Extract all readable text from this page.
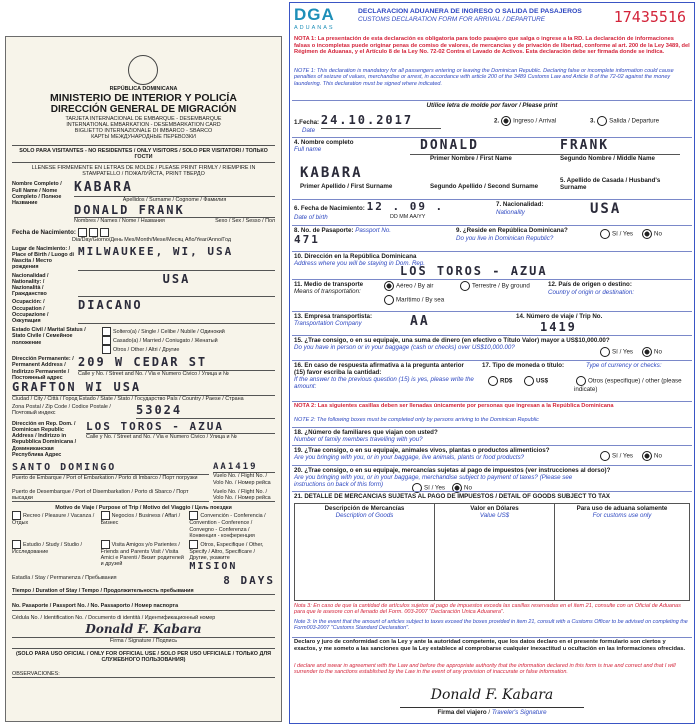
REPÚBLICA DOMINICANA
MINISTERIO DE INTERIOR Y POLICÍA
DIRECCIÓN GENERAL DE MIGRACIÓN
TARJETA INTERNACIONAL DE EMBARQUE - DESEMBARQUE
INTERNATIONAL EMBARKATION - DESEMBARKATION CARD
BIGLIETTO INTERNAZIONALE DI IMBARCO - SBARCO
КАРТЫ МЕЖДУНАРОДНЫЕ ПЕРЕВОЗКИ
SOLO PARA VISITANTES - NO RESIDENTES / ONLY VISITORS / SOLO PER VISITATORI / ТОЛЬКО ГОСТИ
LLENESE FIRMEMENTE EN LETRAS DE MOLDE / PLEASE PRINT FIRMLY / RIEMPIRE IN STAMPATELLO / ПОЖАЛУЙСТА, PRINT ТВЕРДО
Nombre Completo / Full Name / Nome Completo / Полное Название
KABARA
Apellidos / Surname / Cognome / Фамилия
DONALD FRANK
Nombres / Names / Nome / Названия	Sexo / Sex / Sesso / Пол
Fecha de Nacimiento:
Dia/Day/Giorno/День Mes/Month/Mese/Месяц Año/Year/Anno/Год
Lugar de Nacimiento: / Place of Birth / Luogo di Nascita / Место рождения
MILWAUKEE, WI, USA
Nacionalidad / Nationality: / Nazionalità / Гражданство
USA
Ocupación: / Occupation / Occupazione / Оккупация
DIACANO
Estado Civil / Marital Status / Stato Civile / Семейное положение
Soltero(a) / Single / Celibe / Nubile / Одинокий
Casado(a) / Married / Coniugato / Женатый
Otros / Other / Altri / Другие
Dirección Permanente: / Permanent Address / Indirizzo Permanente / Постоянный адрес
209 W CEDAR ST
Calle y No. / Street and No. / Via e Numero Civico / Улица и №
GRAFTON WI USA
Ciudad / City / Città / Город Estado / State / Stato / Государство País / Country / Paese / Страна
Zona Postal / Zip Code / Codice Postale / Почтовый индекс	53024
Dirección en Rep. Dom. / Dominican Republic Address / Indirizzo in Repubblica Dominicana / Доминиканская Республика Адрес
LOS TOROS - AZUA
Calle y No. / Street and No. / Via e Numero Civico / Улица и №
SANTO DOMINGO
Puerto de Embarque / Port of Embarkation / Porto di Imbarco / Порт погрузки
AA1419
Vuelo No. / Flight No. / Volo No. / Номер рейса
Puerto de Desembarque / Port of Disembarkation / Porto di Sbarco / Порт высадки
Vuelo No. / Flight No. / Volo No. / Номер рейса
Motivo de Viaje / Purpose of Trip / Motivo del Viaggio / Цель поездки
Recreo / Pleasure / Vacanza / Отдых
Negocios / Business / Affari / Бизнес
Convención - Conferencia / Convention - Conference / Convegno - Conferenza / Конвенция - конференция
Estudio / Study / Studio / Исследование
Visita Amigos y/o Parientes / Friends and Parents Visit / Visita Amici e Parenti / Визит родителей и друзей
Otros, Especifique / Other, Specify / Altro, Specificare / Другие, укажите MISION
Estadía / Stay / Permanenza / Пребывания	8 DAYS
Tiempo / Duration of Stay / Tempo / Продолжительность пребывания
No. Pasaporte / Passport No. / No. Passaporto / Номер паспорта
Cédula No. / Identification No. / Documento di identità / Идентификационный номер
Donald F. Kabara
Firma / Signature / Подпись
(SOLO PARA USO OFICIAL / ONLY FOR OFFICIAL USE / SOLO PER USO UFFICIALE / ТОЛЬКО ДЛЯ СЛУЖЕБНОГО ПОЛЬЗОВАНИЯ)
OBSERVACIONES:
DGA
ADUANAS
DECLARACION ADUANERA DE INGRESO O SALIDA DE PASAJEROS
CUSTOMS DECLARATION FORM FOR ARRIVAL / DEPARTURE	17435516
NOTA 1: La presentación de esta declaración es obligatoria para todo pasajero que salga o ingrese a la RD. La declaración de informaciones falsas o incompletas puede originar penas de comiso de valores, de mercancías y de privación de libertad, conforme al art. 200 de la Ley 3489, del Régimen de Aduanas, y el Artículo 8 de la Ley No. 72-02 Contra el Lavado de Activos. Esta declaración debe ser firmada donde se indica.
NOTE 1: This declaration is mandatory for all passengers entering or leaving the Dominican Republic. Declaring false or incomplete information could cause penalties of seizure of values, merchandise or arrest, in accordance with article 200 of the 3489 Customs Law and Article 8 of the 72-02 against the money laundering. This declaration must be signed where indicated.
Utilice letra de molde por favor / Please print
1.Fecha: 24.10.2017	2. Ingreso / Arrival	3. Salida / Departure
Date
4. Nombre completo
Full name	DONALD	FRANK
Primer Nombre / First Name	Segundo Nombre / Middle Name
KABARA
Primer Apellido / First Surname	Segundo Apellido / Second Surname
5. Apellido de Casada / Husband's Surname
6. Fecha de Nacimiento: 12 . 09 .
Date of birth	DD MM AA/YY
7. Nacionalidad:
Nationality	USA
8. No. de Pasaporte: Passport No.
471
9. ¿Reside en República Dominicana?
Do you live in Dominican Republic?
Sí / Yes	No
10. Dirección en la República Dominicana
Address where you will be staying in Dom. Rep.
LOS TOROS - AZUA
11. Medio de transporte
Means of transportation:
Aéreo / By air	Terrestre / By ground
Marítimo / By sea
12. País de origen o destino:
Country of origin or destination:
13. Empresa transportista:
Transportation Company	AA	14. Número de viaje / Trip No.
1419
15. ¿Trae consigo, o en su equipaje, una suma de dinero (en efectivo o Título Valor) mayor a US$10,000.00?
Do you have in person or in your baggage (cash or checks) over US$10,000.00?
Sí / Yes	No
16. En caso de respuesta afirmativa a la pregunta anterior (15) favor escriba la cantidad:
If the answer to the previous question (15) is yes, please write the amount:
17. Tipo de moneda o título:	Type of currency or checks:
RD$	US$	Otros (especifique) / other (please indicate)
NOTA 2: Las siguientes casillas deben ser llenadas únicamente por personas que ingresan a la República Dominicana
NOTE 2: The following boxes must be completed only by persons arriving to the Dominican Republic
18. ¿Número de familiares que viajan con usted?
Number of family members travelling with you?
19. ¿Trae consigo, o en su equipaje, animales vivos, plantas o productos alimenticios?
Are you bringing with you, or in your baggage, live animals, plants or food products?	Sí / Yes	No
20. ¿Trae consigo, o en su equipaje, mercancías sujetas al pago de impuestos (ver instrucciones al dorso)?
Are you bringing with you, or in your baggage, merchandise subject to payment of taxes? (Please see instructions on back of this form)	Sí / Yes	No
21. DETALLE DE MERCANCIAS SUJETAS AL PAGO DE IMPUESTOS / DETAIL OF GOODS SUBJECT TO TAX
Descripción de Mercancías
Description of Goods
Valor en Dólares
Value US$
Para uso de aduana solamente
For customs use only
Nota 3: En caso de que la cantidad de artículos sujetos al pago de impuestos exceda las casillas reservadas en el ítem 21, consulte con un Oficial de Aduanas para que le asesore con el llenado del Form. 003-2007 "Declaración Unica Aduanera".
Note 3: In the event that the amount of articles subject to taxes exceed the boxes provided in item 21, consult with a Customs Officer to be advised on completing the Form003-2007 "Customs Standard Declaration".
Declaro y juro de conformidad con la Ley y ante la autoridad competente, que los datos declaro en el presente formulario son ciertos y exactos, y me someto a las sanciones que la Ley establece al comprobarse cualquier inexactitud u ocultación en las informaciones ofrecidas.
I declare and swear in agreement with the Law and before the appropriate authority that the information declared in this form is true and correct and that I will surrender to the sanctions established by the Law in the event of any provision of inaccurate or false information.
Donald F. Kabara
Firma del viajero / Traveler's Signature
